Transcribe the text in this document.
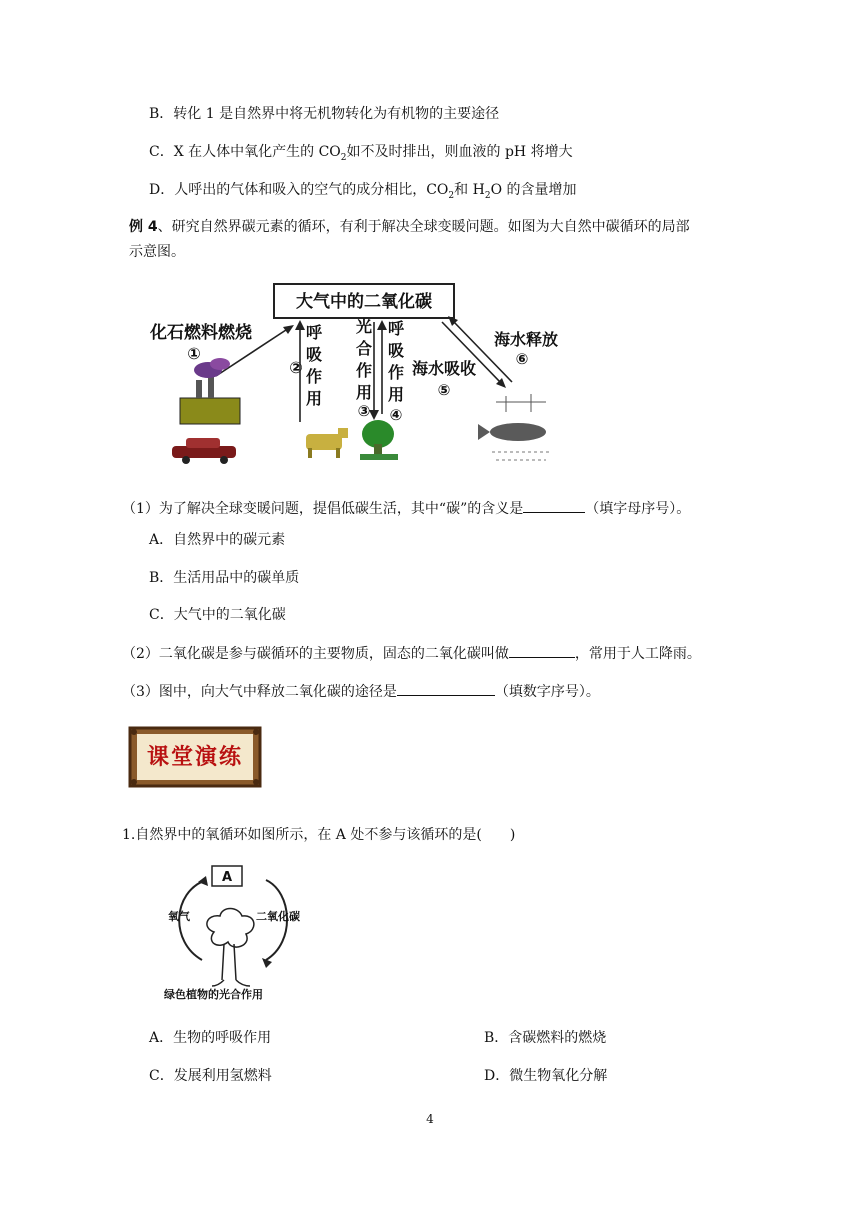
B．转化 1 是自然界中将无机物转化为有机物的主要途径
C．X 在人体中氧化产生的 $CO_2$如不及时排出，则血液的 pH 将增大
D．人呼出的气体和吸入的空气的成分相比，$CO_2$和 $H_2O$ 的含量增加
例 4、研究自然界碳元素的循环，有利于解决全球变暖问题。如图为大自然中碳循环的局部
示意图。
大气中的二氧化碳
化石燃料燃烧
①
呼
吸
作
用
②
光
合
作
用
③
呼
吸
作
用
④
海水吸收
⑤
海水释放
⑥
（1）为了解决全球变暖问题，提倡低碳生活，其中“碳”的含义是	（填字母序号）。
A．自然界中的碳元素
B．生活用品中的碳单质
C．大气中的二氧化碳
（2）二氧化碳是参与碳循环的主要物质，固态的二氧化碳叫做	，常用于人工降雨。
（3）图中，向大气中释放二氧化碳的途径是	（填数字序号）。
课堂演练
1.自然界中的氧循环如图所示，在 A 处不参与该循环的是(　　)
A
氧气	二氧化碳
绿色植物的光合作用
A．生物的呼吸作用	B．含碳燃料的燃烧
C．发展利用氢燃料	D．微生物氧化分解
4
